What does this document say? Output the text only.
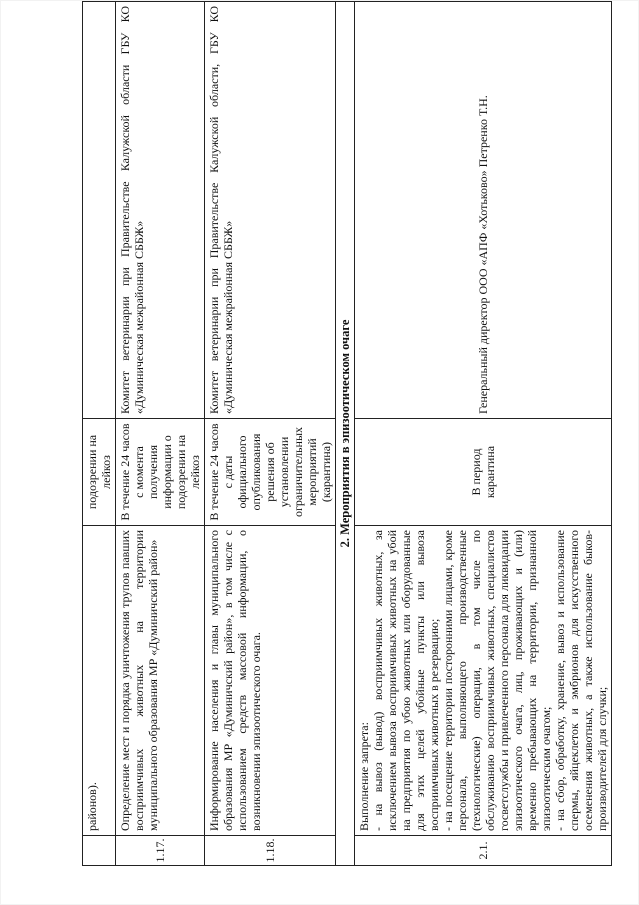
	районов).	подозрении на лейкоз	
1.17.	Определение мест и порядка уничтожения трупов павших восприимчивых животных на территории муниципального образования МР «Думиничский район»	В течение 24 часов с момента получения информации о подозрении на лейкоз	Комитет ветеринарии при Правительстве Калужской области ГБУ КО «Думиническая межрайонная СББЖ»
1.18.	Информирование населения и главы муниципального образования МР «Думиничский район», в том числе с использованием средств массовой информации, о возникновении эпизоотического очага.	В течение 24 часов с даты официального опубликования решения об установлении ограничительных мероприятий (карантина)	Комитет ветеринарии при Правительстве Калужской области, ГБУ КО «Думиническая межрайонная СББЖ»
2. Мероприятия в эпизоотическом очаге			
2.1.	Выполнение запрета: - на вывоз (вывод) восприимчивых животных, за исключением вывоза восприимчивых животных на убой на предприятия по убою животных или оборудованные для этих целей убойные пункты или вывоза восприимчивых животных в резервацию; - на посещение территории посторонними лицами, кроме персонала, выполняющего производственные (технологические) операции, в том числе по обслуживанию восприимчивых животных, специалистов госветслужбы и привлеченного персонала для ликвидации эпизоотического очага, лиц, проживающих и (или) временно пребывающих на территории, признанной эпизоотическим очагом; - на сбор, обработку, хранение, вывоз и использование спермы, яйцеклеток и эмбрионов для искусственного осеменения животных, а также использование быков-производителей для случки;	В период карантина	Генеральный директор ООО «АПФ «Хотьково» Петренко Т.Н.
